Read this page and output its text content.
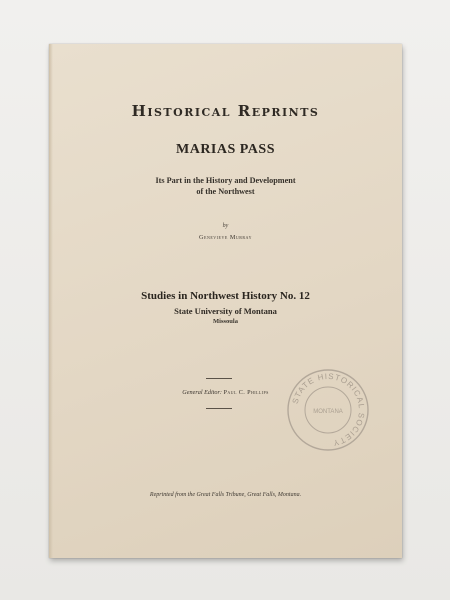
Historical Reprints
MARIAS PASS
Its Part in the History and Development
of the Northwest
by
Genevieve Murray
Studies in Northwest History No. 12
State University of Montana
Missoula
General Editor: Paul C. Phillips
STATE HISTORICAL SOCIETY
MONTANA
Reprinted from the Great Falls Tribune, Great Falls, Montana.
